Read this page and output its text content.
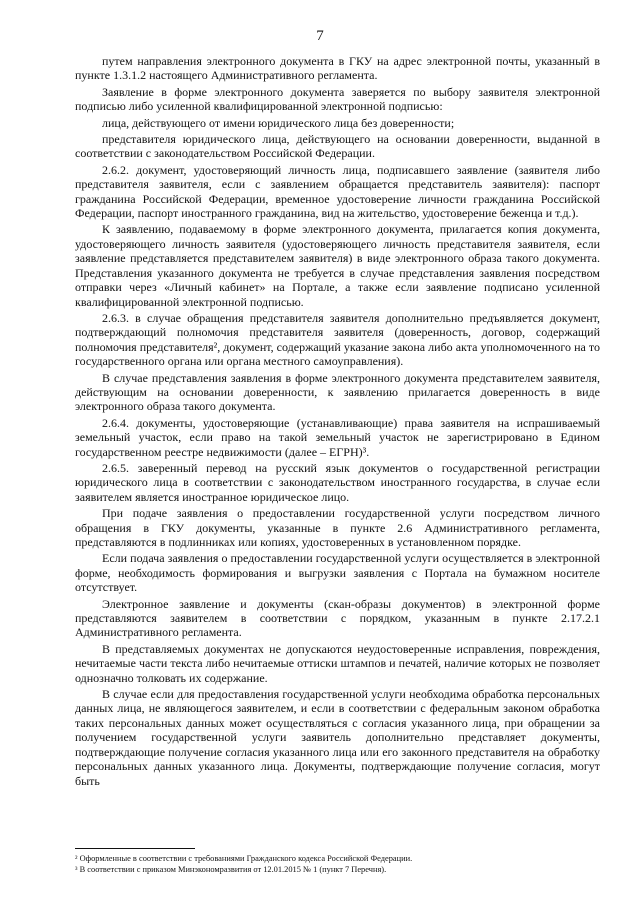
7

путем направления электронного документа в ГКУ на адрес электронной почты, указанный в пункте 1.3.1.2 настоящего Административного регламента.

Заявление в форме электронного документа заверяется по выбору заявителя электронной подписью либо усиленной квалифицированной электронной подписью:

лица, действующего от имени юридического лица без доверенности;

представителя юридического лица, действующего на основании доверенности, выданной в соответствии с законодательством Российской Федерации.

2.6.2. документ, удостоверяющий личность лица, подписавшего заявление (заявителя либо представителя заявителя, если с заявлением обращается представитель заявителя): паспорт гражданина Российской Федерации, временное удостоверение личности гражданина Российской Федерации, паспорт иностранного гражданина, вид на жительство, удостоверение беженца и т.д.).

К заявлению, подаваемому в форме электронного документа, прилагается копия документа, удостоверяющего личность заявителя (удостоверяющего личность представителя заявителя, если заявление представляется представителем заявителя) в виде электронного образа такого документа. Представления указанного документа не требуется в случае представления заявления посредством отправки через «Личный кабинет» на Портале, а также если заявление подписано усиленной квалифицированной электронной подписью.

2.6.3. в случае обращения представителя заявителя дополнительно предъявляется документ, подтверждающий полномочия представителя заявителя (доверенность, договор, содержащий полномочия представителя², документ, содержащий указание закона либо акта уполномоченного на то государственного органа или органа местного самоуправления).

В случае представления заявления в форме электронного документа представителем заявителя, действующим на основании доверенности, к заявлению прилагается доверенность в виде электронного образа такого документа.

2.6.4. документы, удостоверяющие (устанавливающие) права заявителя на испрашиваемый земельный участок, если право на такой земельный участок не зарегистрировано в Едином государственном реестре недвижимости (далее – ЕГРН)³.

2.6.5. заверенный перевод на русский язык документов о государственной регистрации юридического лица в соответствии с законодательством иностранного государства, в случае если заявителем является иностранное юридическое лицо.

При подаче заявления о предоставлении государственной услуги посредством личного обращения в ГКУ документы, указанные в пункте 2.6 Административного регламента, представляются в подлинниках или копиях, удостоверенных в установленном порядке.

Если подача заявления о предоставлении государственной услуги осуществляется в электронной форме, необходимость формирования и выгрузки заявления с Портала на бумажном носителе отсутствует.

Электронное заявление и документы (скан-образы документов) в электронной форме представляются заявителем в соответствии с порядком, указанным в пункте 2.17.2.1 Административного регламента.

В представляемых документах не допускаются неудостоверенные исправления, повреждения, нечитаемые части текста либо нечитаемые оттиски штампов и печатей, наличие которых не позволяет однозначно толковать их содержание.

В случае если для предоставления государственной услуги необходима обработка персональных данных лица, не являющегося заявителем, и если в соответствии с федеральным законом обработка таких персональных данных может осуществляться с согласия указанного лица, при обращении за получением государственной услуги заявитель дополнительно представляет документы, подтверждающие получение согласия указанного лица или его законного представителя на обработку персональных данных указанного лица. Документы, подтверждающие получение согласия, могут быть

² Оформленные в соответствии с требованиями Гражданского кодекса Российской Федерации.
³ В соответствии с приказом Минэкономразвития от 12.01.2015 № 1 (пункт 7 Перечня).
